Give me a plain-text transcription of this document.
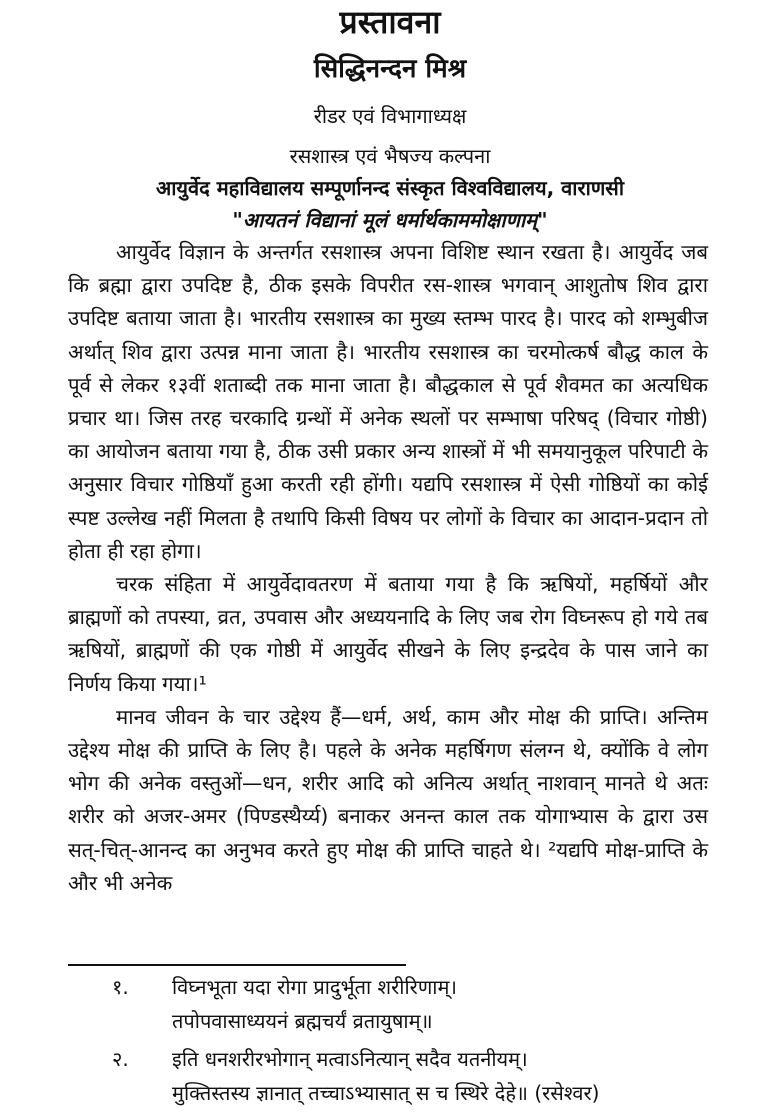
प्रस्तावना
सिद्धिनन्दन मिश्र
रीडर एवं विभागाध्यक्ष
रसशास्त्र एवं भैषज्य कल्पना
आयुर्वेद महाविद्यालय सम्पूर्णानन्द संस्कृत विश्वविद्यालय, वाराणसी
"आयतनं विद्यानां मूलं धर्मार्थकाममोक्षाणाम्"

आयुर्वेद विज्ञान के अन्तर्गत रसशास्त्र अपना विशिष्ट स्थान रखता है। आयुर्वेद जब कि ब्रह्मा द्वारा उपदिष्ट है, ठीक इसके विपरीत रस-शास्त्र भगवान् आशुतोष शिव द्वारा उपदिष्ट बताया जाता है। भारतीय रसशास्त्र का मुख्य स्तम्भ पारद है। पारद को शम्भुबीज अर्थात् शिव द्वारा उत्पन्न माना जाता है। भारतीय रसशास्त्र का चरमोत्कर्ष बौद्ध काल के पूर्व से लेकर १३वीं शताब्दी तक माना जाता है। बौद्धकाल से पूर्व शैवमत का अत्यधिक प्रचार था। जिस तरह चरकादि ग्रन्थों में अनेक स्थलों पर सम्भाषा परिषद् (विचार गोष्ठी) का आयोजन बताया गया है, ठीक उसी प्रकार अन्य शास्त्रों में भी समयानुकूल परिपाटी के अनुसार विचार गोष्ठियाँ हुआ करती रही होंगी। यद्यपि रसशास्त्र में ऐसी गोष्ठियों का कोई स्पष्ट उल्लेख नहीं मिलता है तथापि किसी विषय पर लोगों के विचार का आदान-प्रदान तो होता ही रहा होगा।

चरक संहिता में आयुर्वेदावतरण में बताया गया है कि ऋषियों, महर्षियों और ब्राह्मणों को तपस्या, व्रत, उपवास और अध्ययनादि के लिए जब रोग विघ्नरूप हो गये तब ऋषियों, ब्राह्मणों की एक गोष्ठी में आयुर्वेद सीखने के लिए इन्द्रदेव के पास जाने का निर्णय किया गया।¹

मानव जीवन के चार उद्देश्य हैं—धर्म, अर्थ, काम और मोक्ष की प्राप्ति। अन्तिम उद्देश्य मोक्ष की प्राप्ति के लिए है। पहले के अनेक महर्षिगण संलग्न थे, क्योंकि वे लोग भोग की अनेक वस्तुओं—धन, शरीर आदि को अनित्य अर्थात् नाशवान् मानते थे अतः शरीर को अजर-अमर (पिण्डस्थैर्य्य) बनाकर अनन्त काल तक योगाभ्यास के द्वारा उस सत्-चित्-आनन्द का अनुभव करते हुए मोक्ष की प्राप्ति चाहते थे। ²यद्यपि मोक्ष-प्राप्ति के और भी अनेक

१.	विघ्नभूता यदा रोगा प्रादुर्भूता शरीरिणाम्।
तपोपवासाध्ययनं ब्रह्मचर्यं व्रतायुषाम्॥
२.	इति धनशरीरभोगान् मत्वाऽनित्यान् सदैव यतनीयम्।
मुक्तिस्तस्य ज्ञानात् तच्चाऽभ्यासात् स च स्थिरे देहे॥ (रसेश्वर)
